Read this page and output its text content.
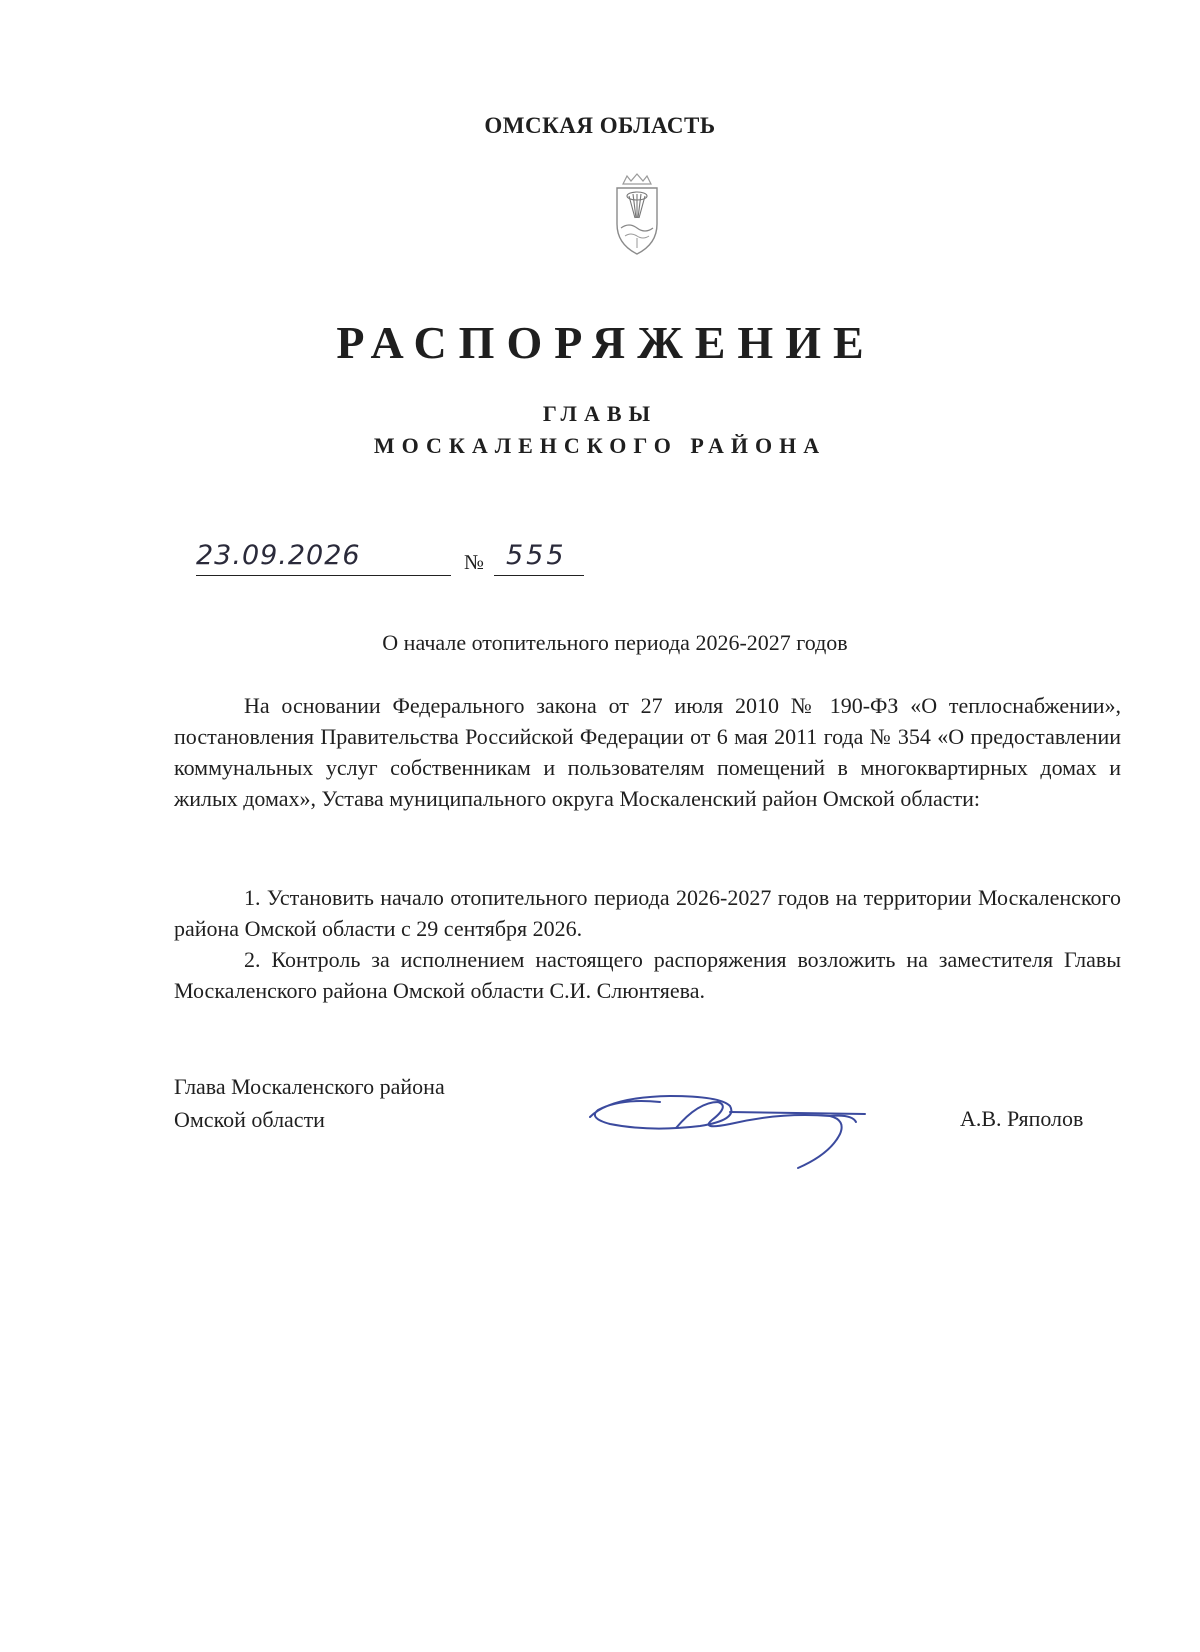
ОМСКАЯ ОБЛАСТЬ
РАСПОРЯЖЕНИЕ
ГЛАВЫ
МОСКАЛЕНСКОГО РАЙОНА
23.09.2026	№ 555
О начале отопительного периода 2026-2027 годов

На основании Федерального закона от 27 июля 2010 № 190-ФЗ «О теплоснабжении», постановления Правительства Российской Федерации от 6 мая 2011 года № 354 «О предоставлении коммунальных услуг собственникам и пользователям помещений в многоквартирных домах и жилых домах», Устава муниципального округа Москаленский район Омской области:

1. Установить начало отопительного периода 2026-2027 годов на территории Москаленского района Омской области с 29 сентября 2026.

2. Контроль за исполнением настоящего распоряжения возложить на заместителя Главы Москаленского района Омской области С.И. Слюнтяева.

Глава Москаленского района
Омской области	А.В. Ряполов
